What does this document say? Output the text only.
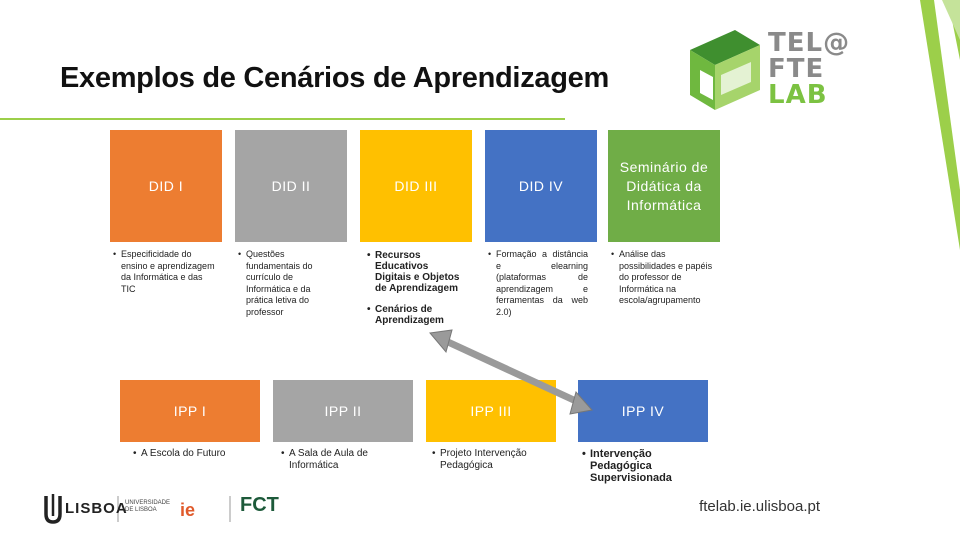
Exemplos de Cenários de Aprendizagem
TEL@
FTE
LAB
DID I	DID II	DID III	DID IV
Seminário de Didática da Informática
• Especificidade do ensino e aprendizagem da Informática e das TIC
• Questões fundamentais do currículo de Informática e da prática letiva do professor
• Recursos Educativos Digitais e Objetos de Aprendizagem
• Cenários de Aprendizagem
• Formação a distância e elearning (plataformas de aprendizagem e ferramentas da web 2.0)
• Análise das possibilidades e papéis do professor de Informática na escola/agrupamento
IPP I	IPP II	IPP III	IPP IV
• A Escola do Futuro	• A Sala de Aula de Informática
• Projeto Intervenção Pedagógica
• Intervenção Pedagógica Supervisionada
ie
LISBOA
UNIVERSIDADE DE LISBOA	FCT	ftelab.ie.ulisboa.pt
